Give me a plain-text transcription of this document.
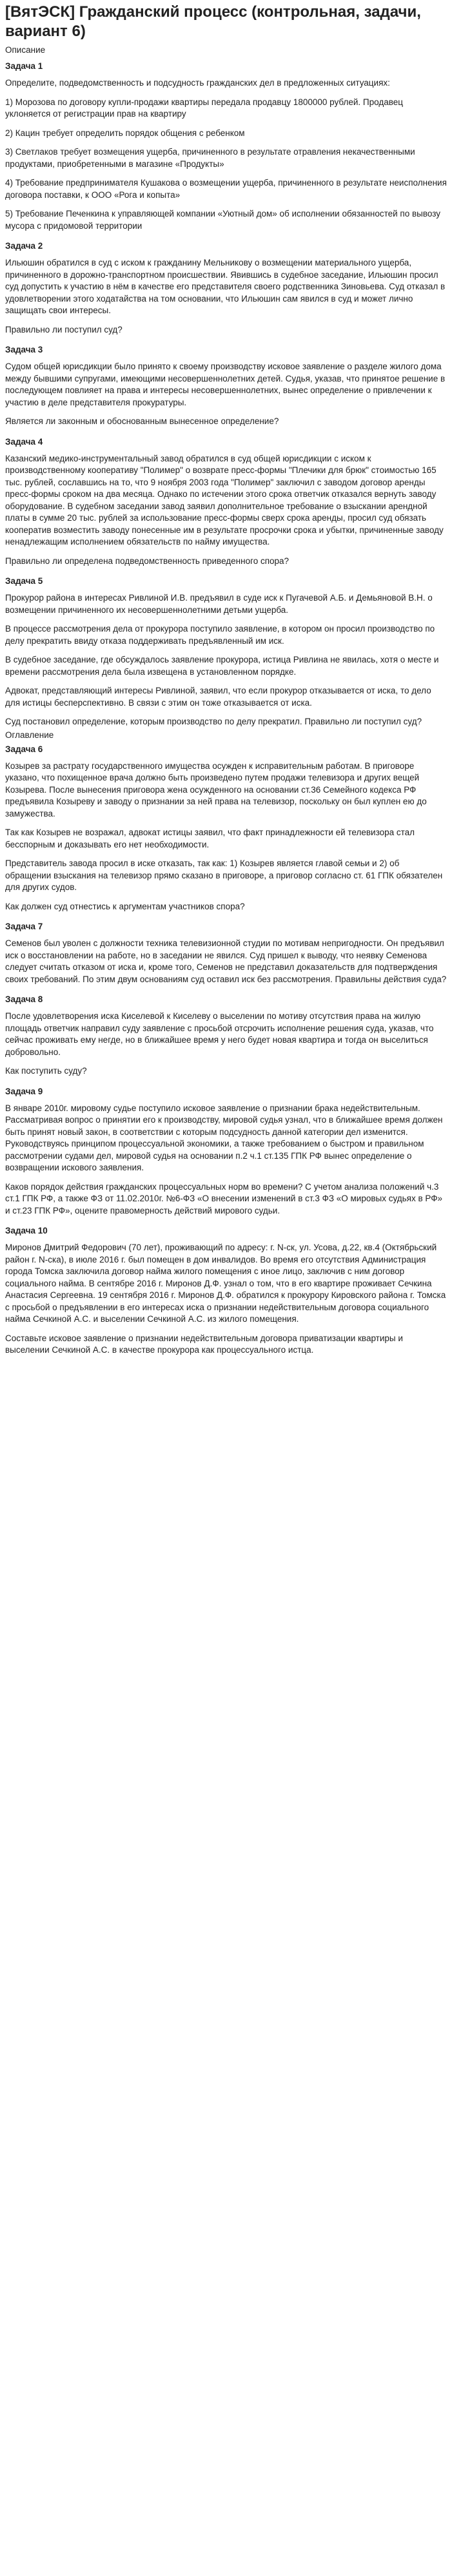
[ВятЭСК] Гражданский процесс (контрольная, задачи, вариант 6)
Описание
Задача 1

Определите, подведомственность и подсудность гражданских дел в предложенных ситуациях:

1) Морозова по договору купли-продажи квартиры передала продавцу 1800000 рублей. Продавец уклоняется от регистрации прав на квартиру

2) Кацин требует определить порядок общения с ребенком

3) Светлаков требует возмещения ущерба, причиненного в результате отравления некачественными продуктами, приобретенными в магазине «Продукты»

4) Требование предпринимателя Кушакова о возмещении ущерба, причиненного в результате неисполнения договора поставки, к ООО «Рога и копыта»

5) Требование Печенкина к управляющей компании «Уютный дом» об исполнении обязанностей по вывозу мусора с придомовой территории

Задача 2

Ильюшин обратился в суд с иском к гражданину Мельникову о возмещении материального ущерба, причиненного в дорожно-транспортном происшествии. Явившись в судебное заседание, Ильюшин просил суд допустить к участию в нём в качестве его представителя своего родственника Зиновьева. Суд отказал в удовлетворении этого ходатайства на том основании, что Ильюшин сам явился в суд и может лично защищать свои интересы.

Правильно ли поступил суд?

Задача 3

Судом общей юрисдикции было принято к своему производству исковое заявление о разделе жилого дома между бывшими супругами, имеющими несовершеннолетних детей. Судья, указав, что принятое решение в последующем повлияет на права и интересы несовершеннолетних, вынес определение о привлечении к участию в деле представителя прокуратуры.

Является ли законным и обоснованным вынесенное определение?

Задача 4

Казанский медико-инструментальный завод обратился в суд общей юрисдикции с иском к производственному кооперативу "Полимер" о возврате пресс-формы "Плечики для брюк" стоимостью 165 тыс. рублей, сославшись на то, что 9 ноября 2003 года "Полимер" заключил с заводом договор аренды пресс-формы сроком на два месяца. Однако по истечении этого срока ответчик отказался вернуть заводу оборудование. В судебном заседании завод заявил дополнительное требование о взыскании арендной платы в сумме 20 тыс. рублей за использование пресс-формы сверх срока аренды, просил суд обязать кооператив возместить заводу понесенные им в результате просрочки срока и убытки, причиненные заводу ненадлежащим исполнением обязательств по найму имущества.

Правильно ли определена подведомственность приведенного спора?

Задача 5

Прокурор района в интересах Ривлиной И.В. предъявил в суде иск к Пугачевой А.Б. и Демьяновой В.Н. о возмещении причиненного их несовершеннолетними детьми ущерба.

В процессе рассмотрения дела от прокурора поступило заявление, в котором он просил производство по делу прекратить ввиду отказа поддерживать предъявленный им иск.

В судебное заседание, где обсуждалось заявление прокурора, истица Ривлина не явилась, хотя о месте и времени рассмотрения дела была извещена в установленном порядке.

Адвокат, представляющий интересы Ривлиной, заявил, что если прокурор отказывается от иска, то дело для истицы бесперспективно. В связи с этим он тоже отказывается от иска.

Суд постановил определение, которым производство по делу прекратил. Правильно ли поступил суд?

Оглавление
Задача 6

Козырев за растрату государственного имущества осужден к исправительным работам. В приговоре указано, что похищенное врача должно быть произведено путем продажи телевизора и других вещей Козырева. После вынесения приговора жена осужденного на основании ст.36 Семейного кодекса РФ предъявила Козыреву и заводу о признании за ней права на телевизор, поскольку он был куплен ею до замужества.

Так как Козырев не возражал, адвокат истицы заявил, что факт принадлежности ей телевизора стал бесспорным и доказывать его нет необходимости.

Представитель завода просил в иске отказать, так как: 1) Козырев является главой семьи и 2) об обращении взыскания на телевизор прямо сказано в приговоре, а приговор согласно ст. 61 ГПК обязателен для других судов.

Как должен суд отнестись к аргументам участников спора?

Задача 7

Семенов был уволен с должности техника телевизионной студии по мотивам непригодности. Он предъявил иск о восстановлении на работе, но в заседании не явился. Суд пришел к выводу, что неявку Семенова следует считать отказом от иска и, кроме того, Семенов не представил доказательств для подтверждения своих требований. По этим двум основаниям суд оставил иск без рассмотрения. Правильны действия суда?

Задача 8

После удовлетворения иска Киселевой к Киселеву о выселении по мотиву отсутствия права на жилую площадь ответчик направил суду заявление с просьбой отсрочить исполнение решения суда, указав, что сейчас проживать ему негде, но в ближайшее время у него будет новая квартира и тогда он выселиться добровольно.

Как поступить суду?

Задача 9

В январе 2010г. мировому судье поступило исковое заявление о признании брака недействительным. Рассматривая вопрос о принятии его к производству, мировой судья узнал, что в ближайшее время должен быть принят новый закон, в соответствии с которым подсудность данной категории дел изменится. Руководствуясь принципом процессуальной экономики, а также требованием о быстром и правильном рассмотрении судами дел, мировой судья на основании п.2 ч.1 ст.135 ГПК РФ вынес определение о возвращении искового заявления.

Каков порядок действия гражданских процессуальных норм во времени? С учетом анализа положений ч.3 ст.1 ГПК РФ, а также ФЗ от 11.02.2010г. №6-ФЗ «О внесении изменений в ст.3 ФЗ «О мировых судьях в РФ» и ст.23 ГПК РФ», оцените правомерность действий мирового судьи.

Задача 10

Миронов Дмитрий Федорович (70 лет), проживающий по адресу: г. N-ск, ул. Усова, д.22, кв.4 (Октябрьский район г. N-ска), в июле 2016 г. был помещен в дом инвалидов. Во время его отсутствия Администрация города Томска заключила договор найма жилого помещения с иное лицо, заключив с ним договор социального найма. В сентябре 2016 г. Миронов Д.Ф. узнал о том, что в его квартире проживает Сечкина Анастасия Сергеевна. 19 сентября 2016 г. Миронов Д.Ф. обратился к прокурору Кировского района г. Томска с просьбой о предъявлении в его интересах иска о признании недействительным договора социального найма Сечкиной А.С. и выселении Сечкиной А.С. из жилого помещения.

Составьте исковое заявление о признании недействительным договора приватизации квартиры и выселении Сечкиной А.С. в качестве прокурора как процессуального истца.
